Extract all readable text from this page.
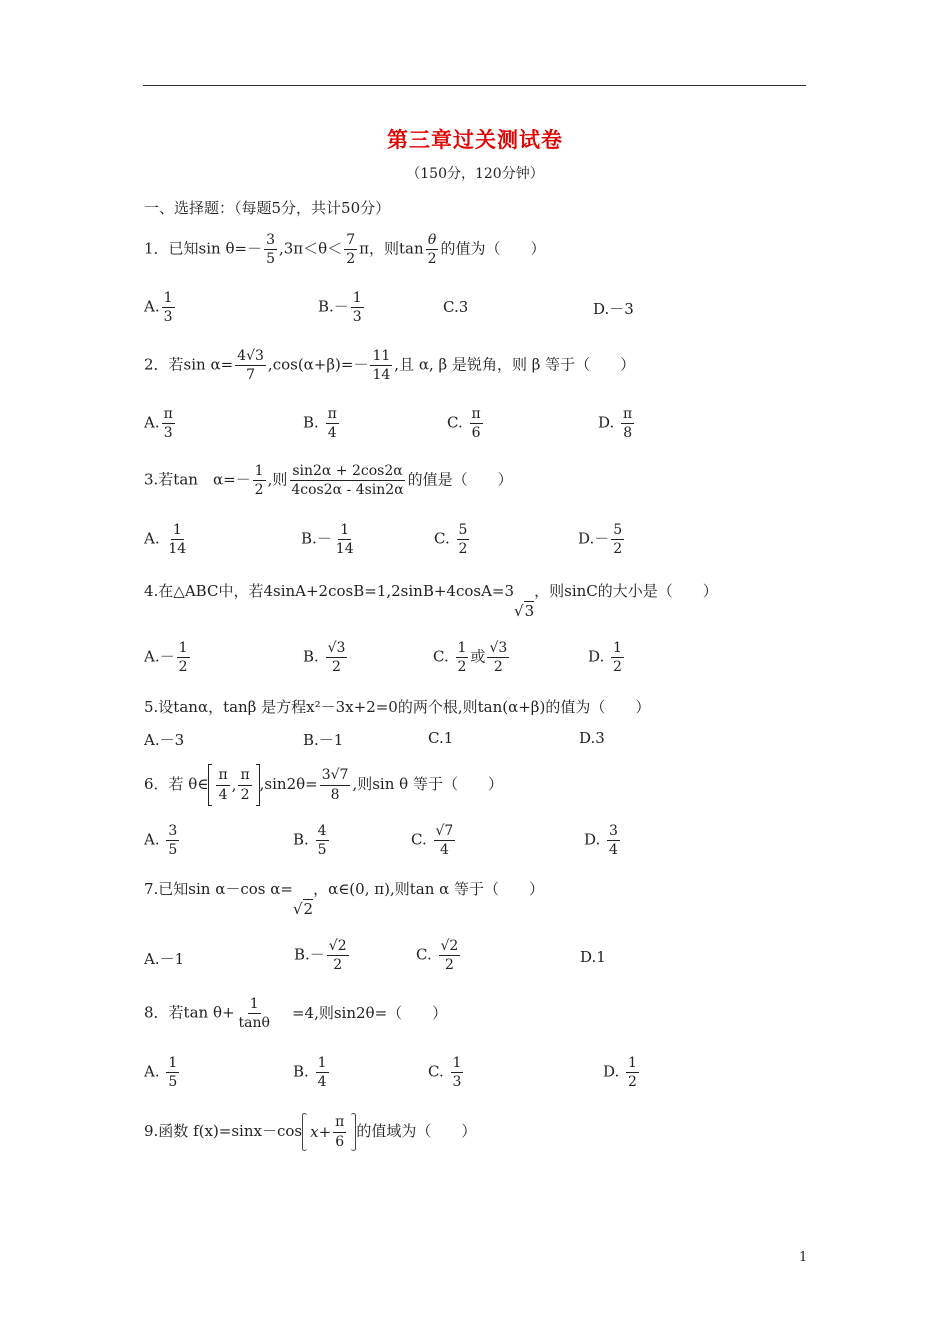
第三章过关测试卷
（150分，120分钟）
一、选择题：（每题5分，共计50分）
1．已知$\sin \theta=- \frac{3}{5} ,3\pi<\theta< \frac{7}{2}$ π，则$\tan \frac{\theta}{2}$ 的值为（　　）
A. $\frac{1}{3}$	$B.- \frac{1}{3}$	C.3	D.－3
2．若$\sin \alpha= \frac{4√3}{7} ,\cos(\alpha+\beta)=- \frac{11}{14}$ ,且 α, β 是锐角，则 β 等于（　　）
A. $\frac{\pi}{3}$	B. $\frac{\pi}{4}$	C. $\frac{\pi}{6}$	D. $\frac{\pi}{8}$
3.若tan　$\alpha=- \frac{1}{2}$ ,则 $\frac{\sin 2\alpha + 2\cos 2\alpha}{4\cos 2\alpha - 4\sin 2\alpha}$ 的值是（　　）
A. $\frac{1}{14}$	$B.- \frac{1}{14}$	C. $\frac{5}{2}$	$D.- \frac{5}{2}$
4.在△ABC中，若4sinA+2cosB=1,2sinB+4cosA=3√3，则sinC的大小是（　　）
$A.- \frac{1}{2}$	B. $\frac{√3}{2}$	C. $\frac{1}{2}$ 或 $\frac{√3}{2}$	D. $\frac{1}{2}$
5.设tanα，tanβ 是方程x²－3x+2=0的两个根,则tan(α+β)的值为（　　）
A.－3	B.－1	C.1	D.3
6．若 θ∈ π
4
,
π
2
$,\sin 2\theta= \frac{3√7}{8}$ ,则sin θ 等于（　　）
A. $\frac{3}{5}$	B. $\frac{4}{5}$	C. $\frac{√7}{4}$	D. $\frac{3}{4}$
7.已知sin α－cos α=√2，α∈(0, π),则tan α 等于（　　）
A.－1	$B.- \frac{√2}{2}$	C. $\frac{√2}{2}$	D.1
8．若$\tan \theta+ \frac{1}{\tan\theta} =4$,则sin2θ=（　　）
A. $\frac{1}{5}$	B. $\frac{1}{4}$	C. $\frac{1}{3}$	D. $\frac{1}{2}$
9.函数 f(x)=sinx－cos $x+ \frac{\pi}{6}$ 的值域为（　　）
1
